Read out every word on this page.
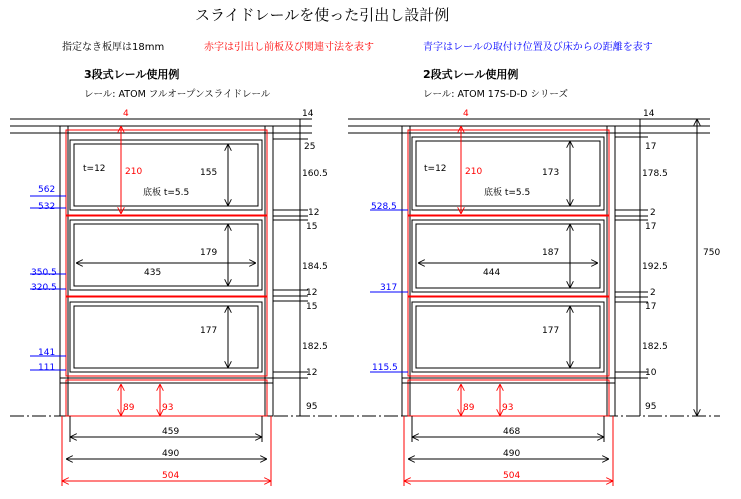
スライドレールを使った引出し設計例
指定なき板厚は18mm	赤字は引出し前板及び関連寸法を表す	青字はレールの取付け位置及び床からの距離を表す
3段式レール使用例
レール: ATOM フルオープンスライドレール
2段式レール使用例
レール: ATOM 17S-D-D シリーズ
14
4
210
t=12
底板 t=5.5
155
179
177
435
25
160.5
12
15
184.5
12
15
182.5
12
95
562
532
350.5
320.5
141
111
89	93
459
490
504
14
4
210
t=12
底板 t=5.5
173
187
177
444
17
178.5
2
17
192.5
2
17
182.5
10
95
750
528.5
317
115.5
89	93
468
490
504
